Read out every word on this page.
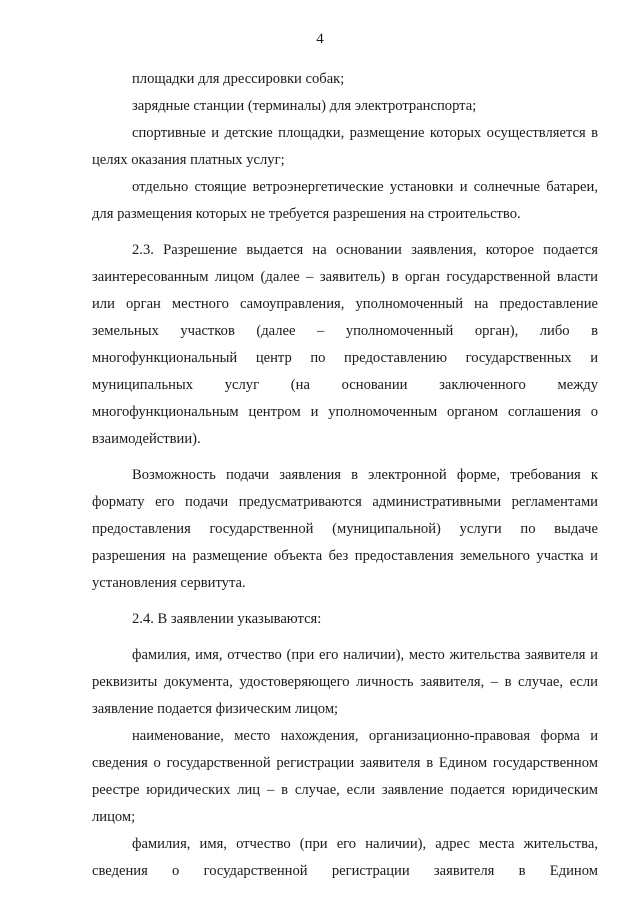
4

площадки для дрессировки собак;

зарядные станции (терминалы) для электротранспорта;

спортивные и детские площадки, размещение которых осуществляется в целях оказания платных услуг;

отдельно стоящие ветроэнергетические установки и солнечные батареи, для размещения которых не требуется разрешения на строительство.

2.3. Разрешение выдается на основании заявления, которое подается заинтересованным лицом (далее – заявитель) в орган государственной власти или орган местного самоуправления, уполномоченный на предоставление земельных участков (далее – уполномоченный орган), либо в многофункциональный центр по предоставлению государственных и муниципальных услуг (на основании заключенного между многофункциональным центром и уполномоченным органом соглашения о взаимодействии).

Возможность подачи заявления в электронной форме, требования к формату его подачи предусматриваются административными регламентами предоставления государственной (муниципальной) услуги по выдаче разрешения на размещение объекта без предоставления земельного участка и установления сервитута.

2.4. В заявлении указываются:

фамилия, имя, отчество (при его наличии), место жительства заявителя и реквизиты документа, удостоверяющего личность заявителя, – в случае, если заявление подается физическим лицом;

наименование, место нахождения, организационно-правовая форма и сведения о государственной регистрации заявителя в Едином государственном реестре юридических лиц – в случае, если заявление подается юридическим лицом;

фамилия, имя, отчество (при его наличии), адрес места жительства, сведения о государственной регистрации заявителя в Едином
